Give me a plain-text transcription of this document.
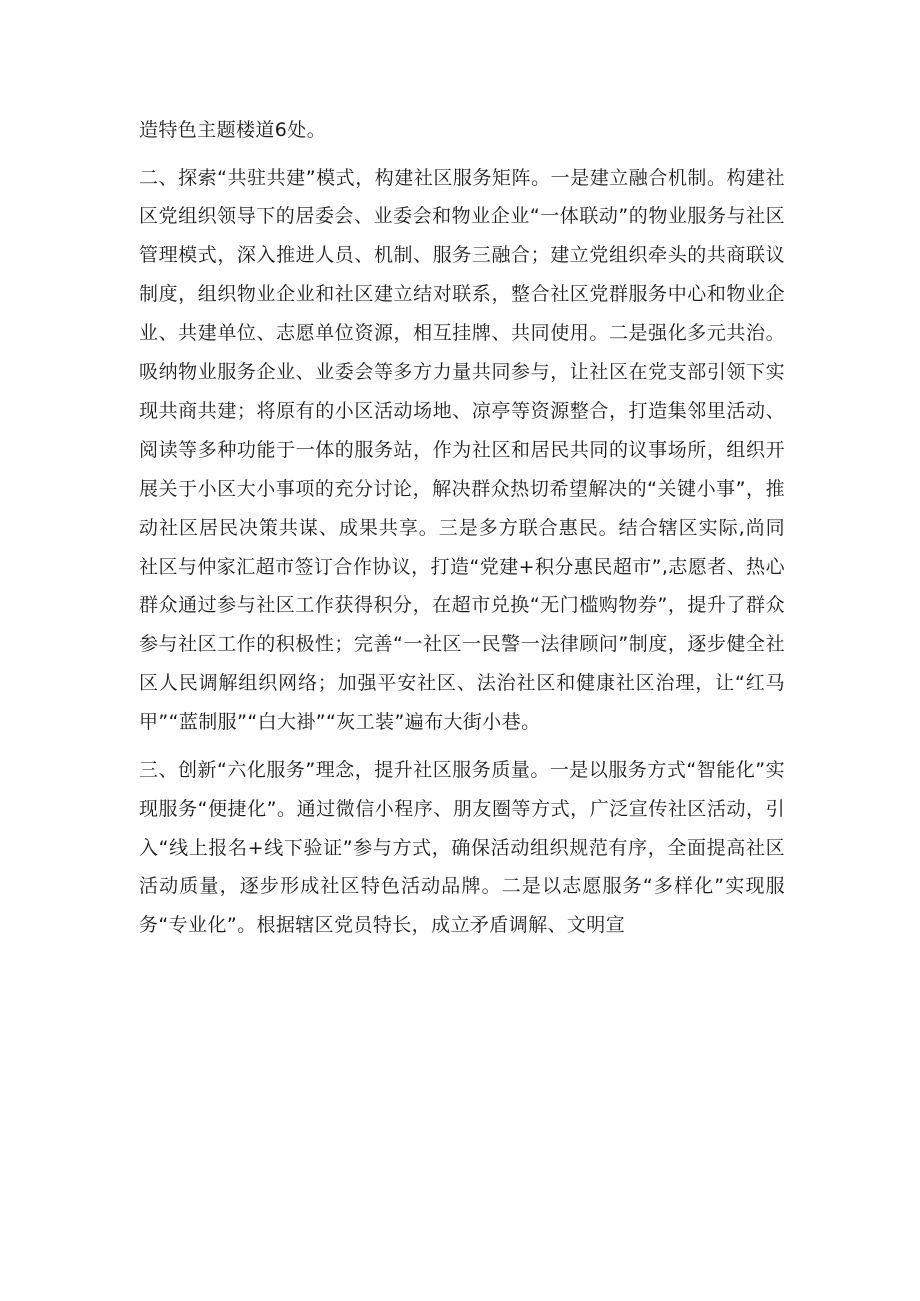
造特色主题楼道6处。

二、探索“共驻共建”模式，构建社区服务矩阵。一是建立融合机制。构建社区党组织领导下的居委会、业委会和物业企业“一体联动”的物业服务与社区管理模式，深入推进人员、机制、服务三融合；建立党组织牵头的共商联议制度，组织物业企业和社区建立结对联系，整合社区党群服务中心和物业企业、共建单位、志愿单位资源，相互挂牌、共同使用。二是强化多元共治。吸纳物业服务企业、业委会等多方力量共同参与，让社区在党支部引领下实现共商共建；将原有的小区活动场地、凉亭等资源整合，打造集邻里活动、阅读等多种功能于一体的服务站，作为社区和居民共同的议事场所，组织开展关于小区大小事项的充分讨论，解决群众热切希望解决的“关键小事”，推动社区居民决策共谋、成果共享。三是多方联合惠民。结合辖区实际,尚同社区与仲家汇超市签订合作协议，打造“党建+积分惠民超市”,志愿者、热心群众通过参与社区工作获得积分，在超市兑换“无门槛购物券”，提升了群众参与社区工作的积极性；完善“一社区一民警一法律顾问”制度，逐步健全社区人民调解组织网络；加强平安社区、法治社区和健康社区治理，让“红马甲”“蓝制服”“白大褂”“灰工装”遍布大街小巷。

三、创新“六化服务”理念，提升社区服务质量。一是以服务方式“智能化”实现服务“便捷化”。通过微信小程序、朋友圈等方式，广泛宣传社区活动，引入“线上报名+线下验证”参与方式，确保活动组织规范有序，全面提高社区活动质量，逐步形成社区特色活动品牌。二是以志愿服务“多样化”实现服务“专业化”。根据辖区党员特长，成立矛盾调解、文明宣
